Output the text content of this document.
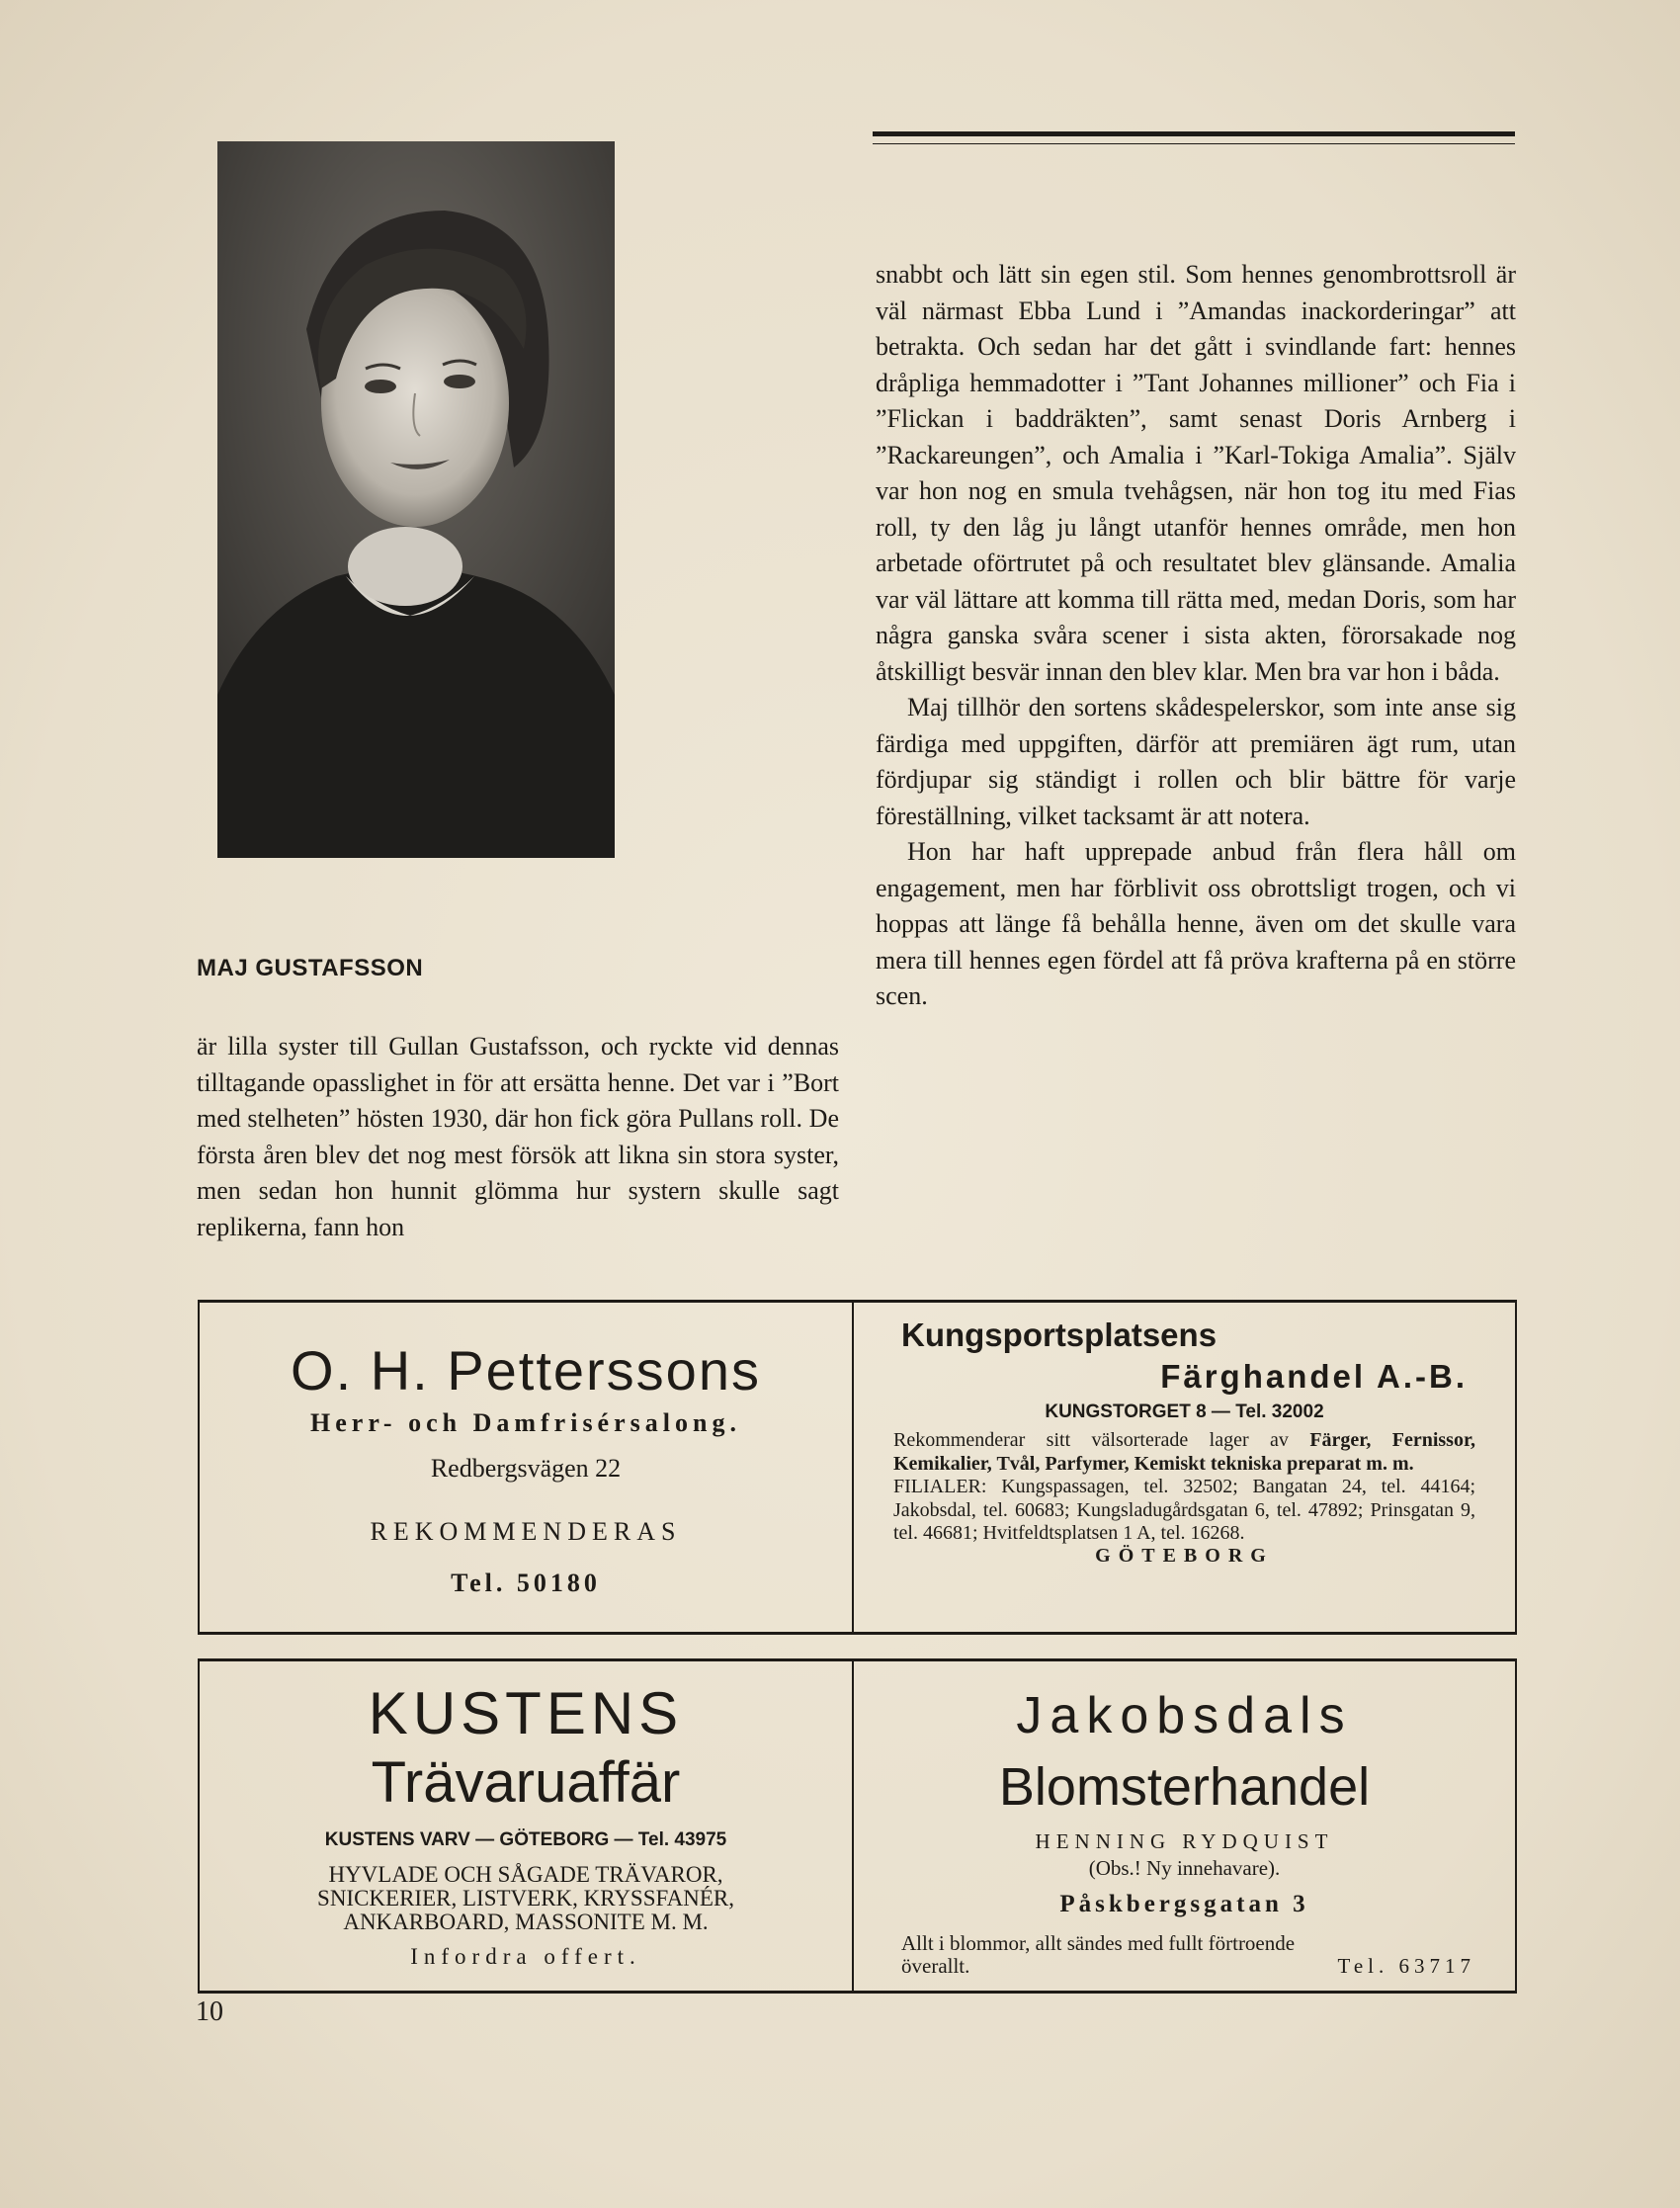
MAJ GUSTAFSSON

är lilla syster till Gullan Gustafsson, och ryckte vid dennas tilltagande opasslighet in för att ersätta henne. Det var i ”Bort med stelheten” hösten 1930, där hon fick göra Pullans roll. De första åren blev det nog mest försök att likna sin stora syster, men sedan hon hunnit glömma hur systern skulle sagt replikerna, fann hon

snabbt och lätt sin egen stil. Som hennes genombrottsroll är väl närmast Ebba Lund i ”Amandas inackorderingar” att betrakta. Och sedan har det gått i svindlande fart: hennes dråpliga hemmadotter i ”Tant Johannes millioner” och Fia i ”Flickan i baddräkten”, samt senast Doris Arnberg i ”Rackareungen”, och Amalia i ”Karl-Tokiga Amalia”. Själv var hon nog en smula tvehågsen, när hon tog itu med Fias roll, ty den låg ju långt utanför hennes område, men hon arbetade oförtrutet på och resultatet blev glänsande. Amalia var väl lättare att komma till rätta med, medan Doris, som har några ganska svåra scener i sista akten, förorsakade nog åtskilligt besvär innan den blev klar. Men bra var hon i båda.

Maj tillhör den sortens skådespelerskor, som inte anse sig färdiga med uppgiften, därför att premiären ägt rum, utan fördjupar sig ständigt i rollen och blir bättre för varje föreställning, vilket tacksamt är att notera.

Hon har haft upprepade anbud från flera håll om engagement, men har förblivit oss obrottsligt trogen, och vi hoppas att länge få behålla henne, även om det skulle vara mera till hennes egen fördel att få pröva krafterna på en större scen.

O. H. Petterssons
Herr- och Damfrisérsalong.
Redbergsvägen 22
REKOMMENDERAS
Tel. 50180
Kungsportsplatsens
Färghandel A.-B.
KUNGSTORGET 8 — Tel. 32002
Rekommenderar sitt välsorterade lager av Färger, Fernissor, Kemikalier, Tvål, Parfymer, Kemiskt tekniska preparat m. m.
FILIALER: Kungspassagen, tel. 32502; Bangatan 24, tel. 44164; Jakobsdal, tel. 60683; Kungsladugårdsgatan 6, tel. 47892; Prinsgatan 9, tel. 46681; Hvitfeldtsplatsen 1 A, tel. 16268.
GÖTEBORG
KUSTENS
Trävaruaffär
KUSTENS VARV — GÖTEBORG — Tel. 43975
HYVLADE OCH SÅGADE TRÄVAROR,
SNICKERIER, LISTVERK, KRYSSFANÉR,
ANKARBOARD, MASSONITE M. M.
Infordra offert.
Jakobsdals
Blomsterhandel
HENNING RYDQUIST
(Obs.! Ny innehavare).
Påskbergsgatan 3
Allt i blommor, allt sändes med fullt förtroende
överallt.	Tel. 63717
10
